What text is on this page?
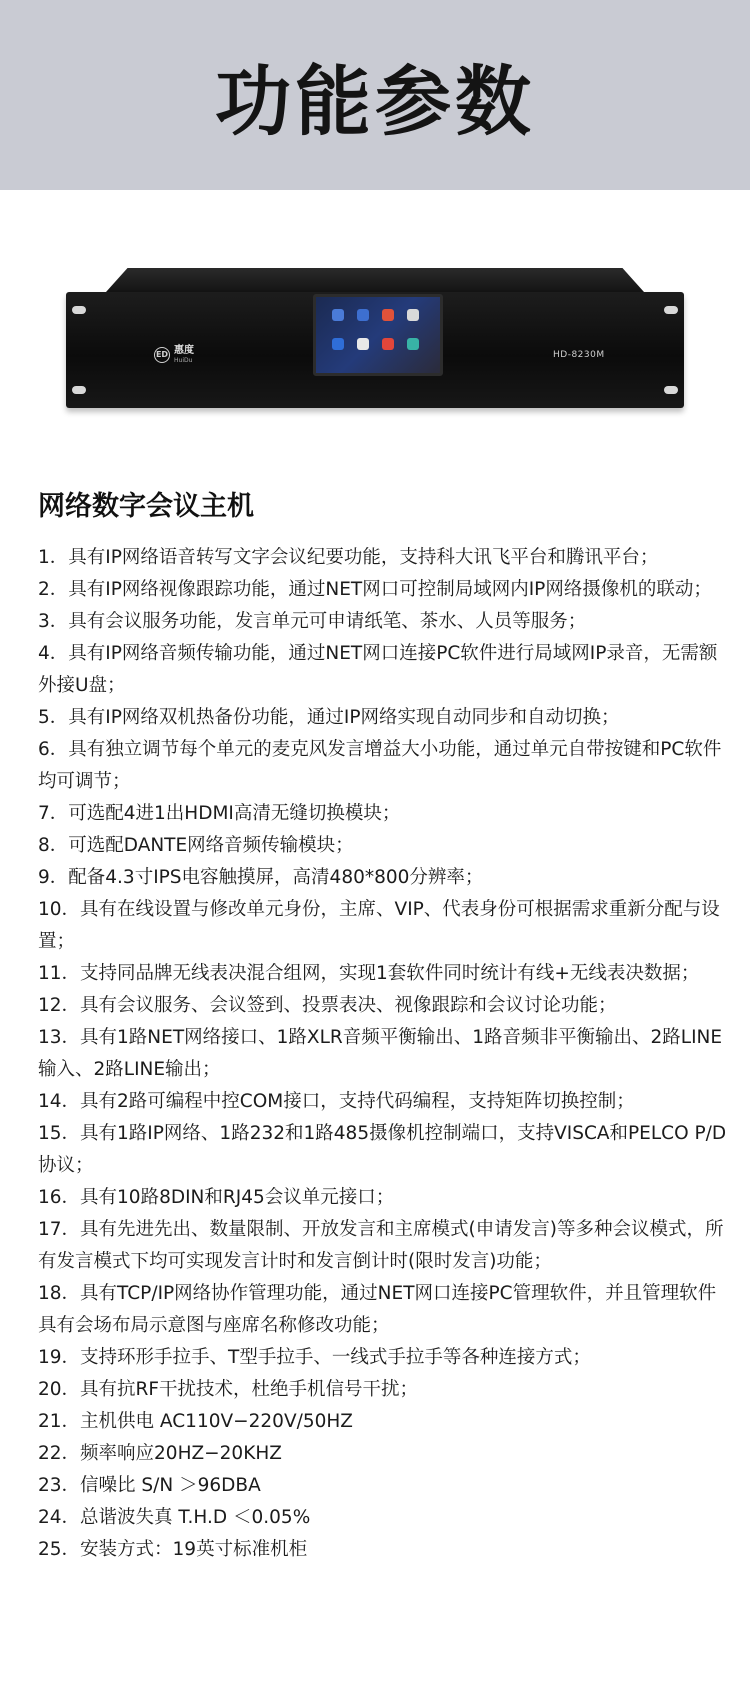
功能参数
ED 惠度
HuiDu
HD-8230M
网络数字会议主机
1．具有IP网络语音转写文字会议纪要功能，支持科大讯飞平台和腾讯平台；
2．具有IP网络视像跟踪功能，通过NET网口可控制局域网内IP网络摄像机的联动；
3．具有会议服务功能，发言单元可申请纸笔、茶水、人员等服务；
4．具有IP网络音频传输功能，通过NET网口连接PC软件进行局域网IP录音，无需额外接U盘；
5．具有IP网络双机热备份功能，通过IP网络实现自动同步和自动切换；
6．具有独立调节每个单元的麦克风发言增益大小功能，通过单元自带按键和PC软件均可调节；
7．可选配4进1出HDMI高清无缝切换模块；
8．可选配DANTE网络音频传输模块；
9．配备4.3寸IPS电容触摸屏，高清480*800分辨率；
10．具有在线设置与修改单元身份，主席、VIP、代表身份可根据需求重新分配与设置；
11．支持同品牌无线表决混合组网，实现1套软件同时统计有线+无线表决数据；
12．具有会议服务、会议签到、投票表决、视像跟踪和会议讨论功能；
13．具有1路NET网络接口、1路XLR音频平衡输出、1路音频非平衡输出、2路LINE输入、2路LINE输出；
14．具有2路可编程中控COM接口，支持代码编程，支持矩阵切换控制；
15．具有1路IP网络、1路232和1路485摄像机控制端口，支持VISCA和PELCO P/D协议；
16．具有10路8DIN和RJ45会议单元接口；
17．具有先进先出、数量限制、开放发言和主席模式(申请发言)等多种会议模式，所有发言模式下均可实现发言计时和发言倒计时(限时发言)功能；
18．具有TCP/IP网络协作管理功能，通过NET网口连接PC管理软件，并且管理软件具有会场布局示意图与座席名称修改功能；
19．支持环形手拉手、T型手拉手、一线式手拉手等各种连接方式；
20．具有抗RF干扰技术，杜绝手机信号干扰；
21．主机供电 AC110V−220V/50HZ
22．频率响应20HZ−20KHZ
23．信噪比 S/N ＞96DBA
24．总谐波失真 T.H.D ＜0.05%
25．安装方式：19英寸标准机柜
